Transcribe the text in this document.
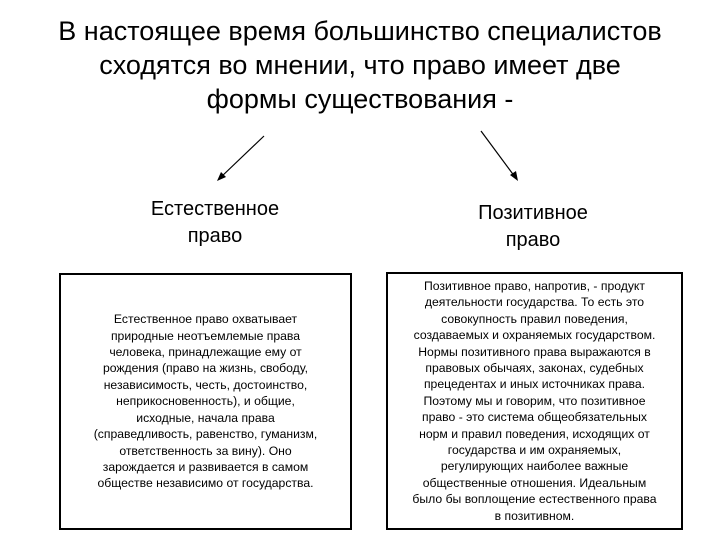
В настоящее время большинство специалистов
сходятся во мнении, что право имеет две
формы существования -
Естественное
право
Позитивное
право
Естественное право охватывает
природные неотъемлемые права
человека, принадлежащие ему от
рождения (право на жизнь, свободу,
независимость, честь, достоинство,
неприкосновенность), и общие,
исходные, начала права
(справедливость, равенство, гуманизм,
ответственность за вину). Оно
зарождается и развивается в самом
обществе независимо от государства.
Позитивное право, напротив, - продукт
деятельности государства. То есть это
совокупность правил поведения,
создаваемых и охраняемых государством.
Нормы позитивного права выражаются в
правовых обычаях, законах, судебных
прецедентах и иных источниках права.
Поэтому мы и говорим, что позитивное
право - это система общеобязательных
норм и правил поведения, исходящих от
государства и им охраняемых,
регулирующих наиболее важные
общественные отношения. Идеальным
было бы воплощение естественного права
в позитивном.
